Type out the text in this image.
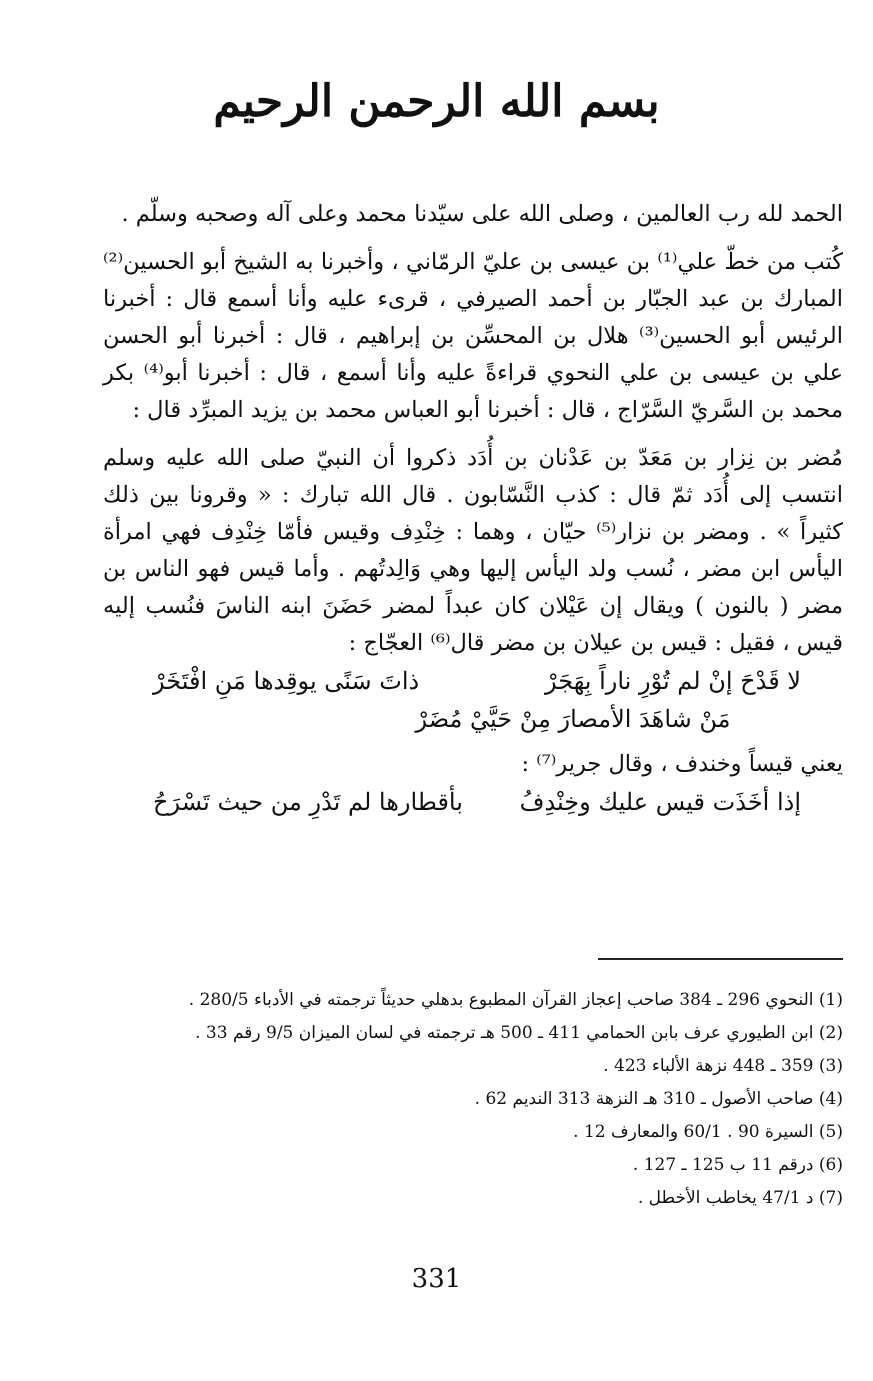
بسم الله الرحمن الرحيم

الحمد لله رب العالمين ، وصلى الله على سيّدنا محمد وعلى آله وصحبه وسلّم .

كُتب من خطّ علي⁽¹⁾ بن عيسى بن عليّ الرمّاني ، وأخبرنا به الشيخ أبو الحسين⁽²⁾ المبارك بن عبد الجبّار بن أحمد الصيرفي ، قرىء عليه وأنا أسمع قال : أخبرنا الرئيس أبو الحسين⁽³⁾ هلال بن المحسِّن بن إبراهيم ، قال : أخبرنا أبو الحسن علي بن عيسى بن علي النحوي قراءةً عليه وأنا أسمع ، قال : أخبرنا أبو⁽⁴⁾ بكر محمد بن السَّريّ السَّرّاج ، قال : أخبرنا أبو العباس محمد بن يزيد المبرِّد قال :

مُضر بن نِزار بن مَعَدّ بن عَدْنان بن أُدَد ذكروا أن النبيّ صلى الله عليه وسلم انتسب إلى أُدَد ثمّ قال : كذب النَّسّابون . قال الله تبارك : « وقرونا بين ذلك كثيراً » . ومضر بن نزار⁽⁵⁾ حيّان ، وهما : خِنْدِف وقيس فأمّا خِنْدِف فهي امرأة اليأس ابن مضر ، نُسب ولد اليأس إليها وهي وَالِدتُهم . وأما قيس فهو الناس بن مضر ( بالنون ) ويقال إن عَيْلان كان عبداً لمضر حَضَنَ ابنه الناسَ فنُسب إليه قيس ، فقيل : قيس بن عيلان بن مضر قال⁽⁶⁾ العجّاج :

لا قَدْحَ إنْ لم تُوْرِ ناراً بِهَجَرْ
ذاتَ سَنًى يوقِدها مَنِ افْتَخَرْ
مَنْ شاهَدَ الأمصارَ مِنْ حَيَّيْ مُضَرْ

يعني قيساً وخندف ، وقال جرير⁽⁷⁾ :

إذا أخَذَت قيس عليك وخِنْدِفُ
بأقطارها لم تَدْرِ من حيث تَسْرَحُ

(1) النحوي 296 ـ 384 صاحب إعجاز القرآن المطبوع بدهلي حديثاً ترجمته في الأدباء 280/5 .

(2) ابن الطيوري عرف بابن الحمامي 411 ـ 500 هـ ترجمته في لسان الميزان 9/5 رقم 33 .

(3) 359 ـ 448 نزهة الألباء 423 .

(4) صاحب الأصول ـ 310 هـ النزهة 313 النديم 62 .

(5) السيرة 90 . 60/1 والمعارف 12 .

(6) درقم 11 ب 125 ـ 127 .

(7) د 47/1 يخاطب الأخطل .

331
